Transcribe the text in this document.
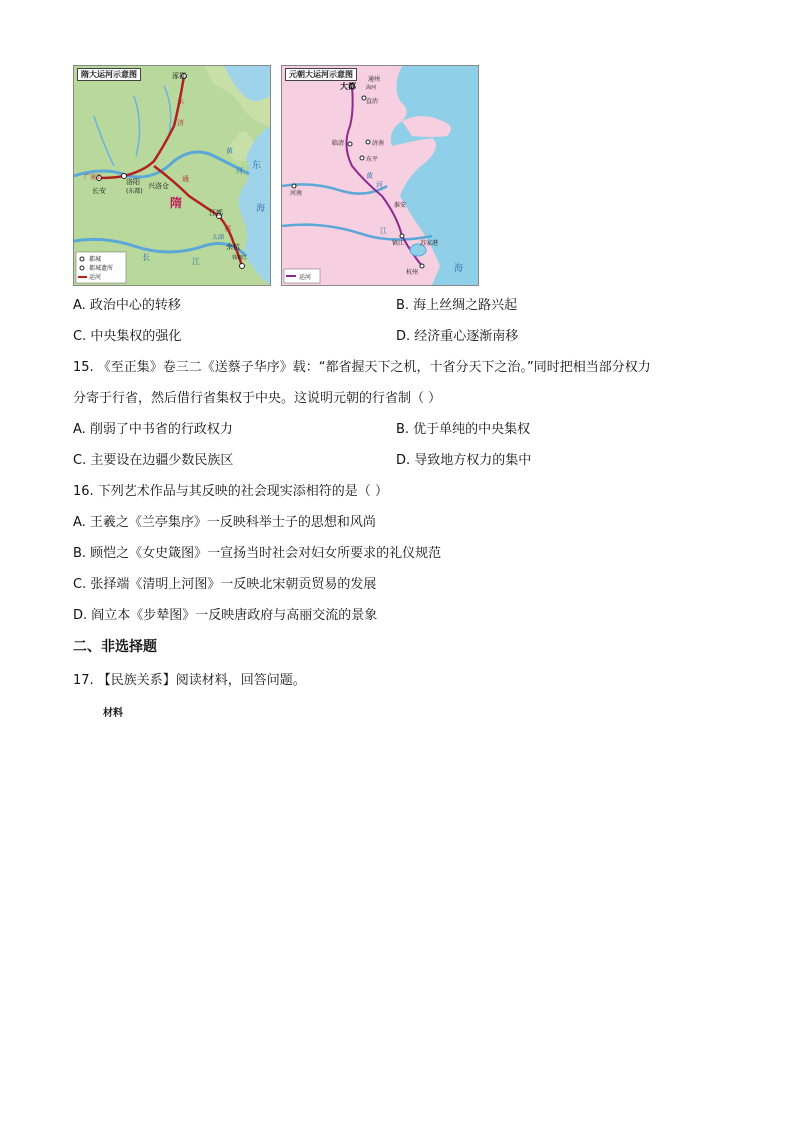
隋大运河示意图	涿郡
洛阳
(东都)
长安
兴洛仓
隋
江都
余杭
钱塘江
东
海
黄
河
长	江
永
济
通
邗
广通渠
太湖
都城
都城遗所
运河
元朝大运河示意图
大都
通州
海河
直沽
临清	济南
东平
河南
淮安
镇江	苏家港
杭州
黄
河
海
江
运河
A. 政治中心的转移	B. 海上丝绸之路兴起
C. 中央集权的强化	D. 经济重心逐渐南移
15. 《至正集》卷三二《送蔡子华序》载：“都省握天下之机，十省分天下之治。”同时把相当部分权力
分寄于行省，然后借行省集权于中央。这说明元朝的行省制（ ）
A. 削弱了中书省的行政权力	B. 优于单纯的中央集权
C. 主要设在边疆少数民族区	D. 导致地方权力的集中
16. 下列艺术作品与其反映的社会现实添相符的是（ ）
A. 王羲之《兰亭集序》一反映科举士子的思想和风尚
B. 顾恺之《女史箴图》一宣扬当时社会对妇女所要求的礼仪规范
C. 张择端《清明上河图》一反映北宋朝贡贸易的发展
D. 阎立本《步辇图》一反映唐政府与高丽交流的景象
二、非选择题
17. 【民族关系】阅读材料，回答问题。
材料
